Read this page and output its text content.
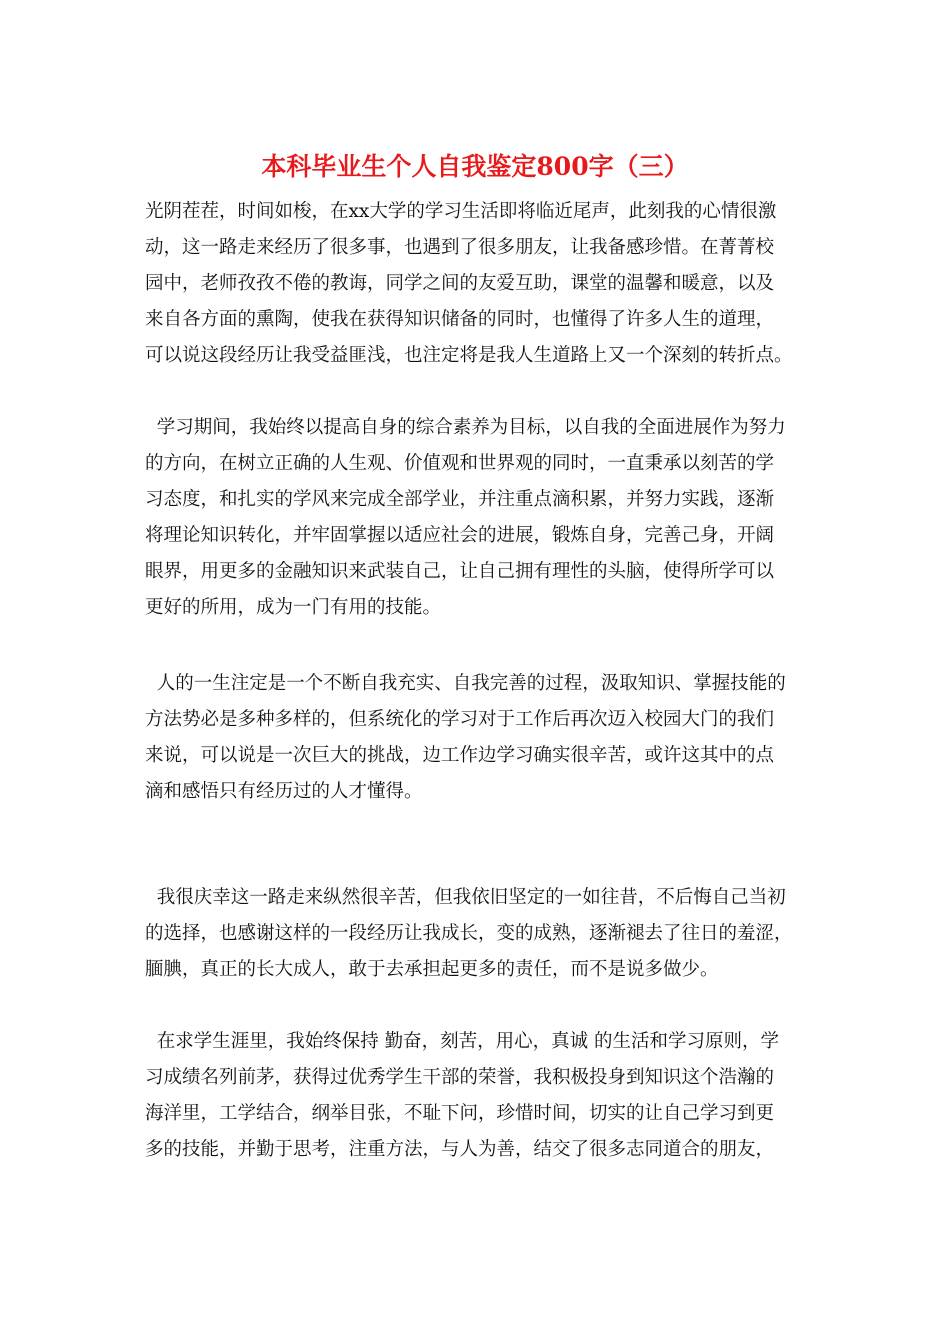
本科毕业生个人自我鉴定800字（三）

光阴茬茬，时间如梭，在xx大学的学习生活即将临近尾声，此刻我的心情很激

动，这一路走来经历了很多事，也遇到了很多朋友，让我备感珍惜。在菁菁校

园中，老师孜孜不倦的教诲，同学之间的友爱互助，课堂的温馨和暖意，以及

来自各方面的熏陶，使我在获得知识储备的同时，也懂得了许多人生的道理，

可以说这段经历让我受益匪浅，也注定将是我人生道路上又一个深刻的转折点。

学习期间，我始终以提高自身的综合素养为目标，以自我的全面进展作为努力

的方向，在树立正确的人生观、价值观和世界观的同时，一直秉承以刻苦的学

习态度，和扎实的学风来完成全部学业，并注重点滴积累，并努力实践，逐渐

将理论知识转化，并牢固掌握以适应社会的进展，锻炼自身，完善己身，开阔

眼界，用更多的金融知识来武装自己，让自己拥有理性的头脑，使得所学可以

更好的所用，成为一门有用的技能。

人的一生注定是一个不断自我充实、自我完善的过程，汲取知识、掌握技能的

方法势必是多种多样的，但系统化的学习对于工作后再次迈入校园大门的我们

来说，可以说是一次巨大的挑战，边工作边学习确实很辛苦，或许这其中的点

滴和感悟只有经历过的人才懂得。

我很庆幸这一路走来纵然很辛苦，但我依旧坚定的一如往昔，不后悔自己当初

的选择，也感谢这样的一段经历让我成长，变的成熟，逐渐褪去了往日的羞涩，

腼腆，真正的长大成人，敢于去承担起更多的责任，而不是说多做少。

在求学生涯里，我始终保持 勤奋，刻苦，用心，真诚 的生活和学习原则，学

习成绩名列前茅，获得过优秀学生干部的荣誉，我积极投身到知识这个浩瀚的

海洋里，工学结合，纲举目张，不耻下问，珍惜时间，切实的让自己学习到更

多的技能，并勤于思考，注重方法，与人为善，结交了很多志同道合的朋友，
